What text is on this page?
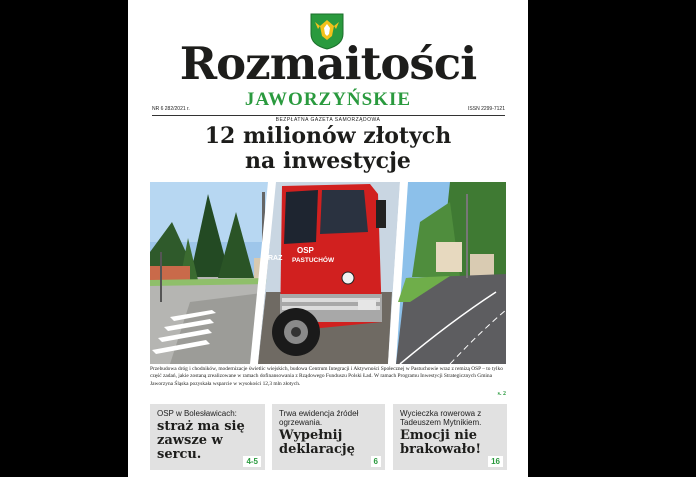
Rozmaitości
JAWORZYŃSKIE
NR 6 282/2021 r.	ISSN 2299-7121
BEZPŁATNA GAZETA SAMORZĄDOWA
12 milionów złotych
na inwestycje
OSP
PASTUCHÓW
RAZ
Przebudowa dróg i chodników, modernizacje świetlic wiejskich, budowa Centrum Integracji i Aktywności Społecznej w Pastuchowie wraz z remizą OSP – to tylko część zadań, jakie zostaną zrealizowane w ramach dofinansowania z Rządowego Funduszu Polski Ład. W ramach Programu Inwestycji Strategicznych Gmina Jaworzyna Śląska pozyskała wsparcie w wysokości 12,3 mln złotych.
s. 2
OSP w Bolesławicach:
straż ma się zawsze w sercu.	4-5
Trwa ewidencja źródeł ogrzewania.
Wypełnij deklarację
6
Wycieczka rowerowa z Tadeuszem Mytnikiem.
Emocji nie brakowało!
16
